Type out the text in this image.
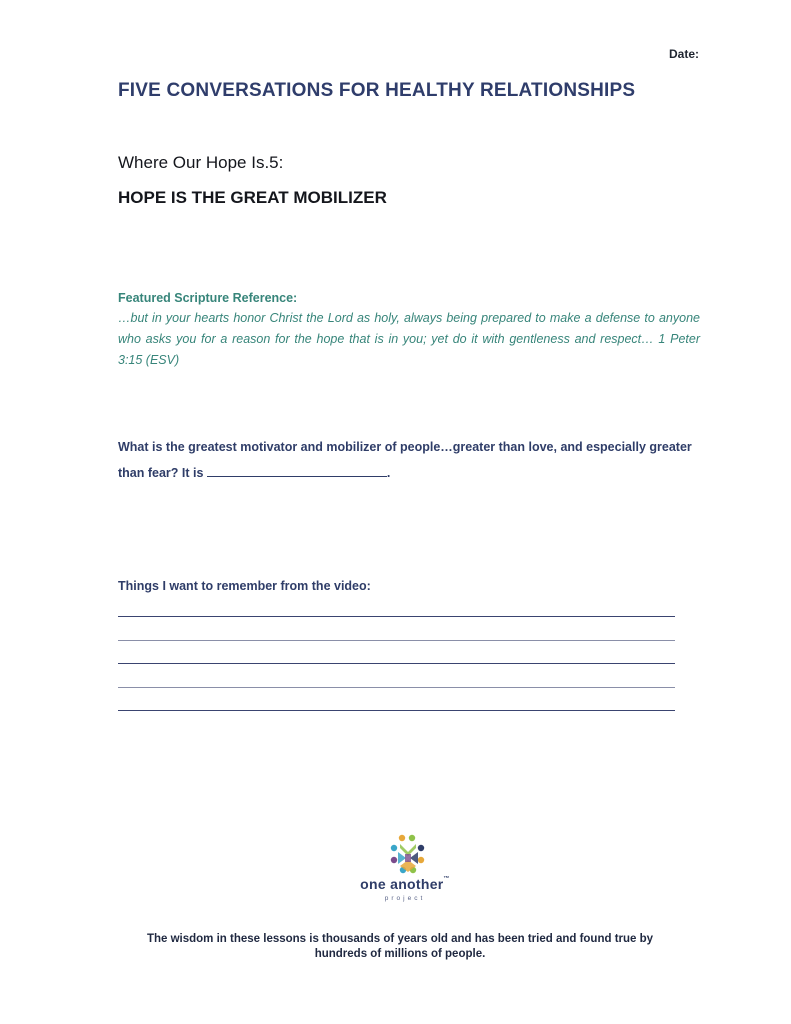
Date:
FIVE CONVERSATIONS FOR HEALTHY RELATIONSHIPS
Where Our Hope Is.5:
HOPE IS THE GREAT MOBILIZER
Featured Scripture Reference:
…but in your hearts honor Christ the Lord as holy, always being prepared to make a defense to anyone who asks you for a reason for the hope that is in you; yet do it with gentleness and respect… 1 Peter 3:15 (ESV)
What is the greatest motivator and mobilizer of people…greater than love, and especially greater than fear? It is	.
Things I want to remember from the video:
one another™
project
The wisdom in these lessons is thousands of years old and has been tried and found true by hundreds of millions of people.
